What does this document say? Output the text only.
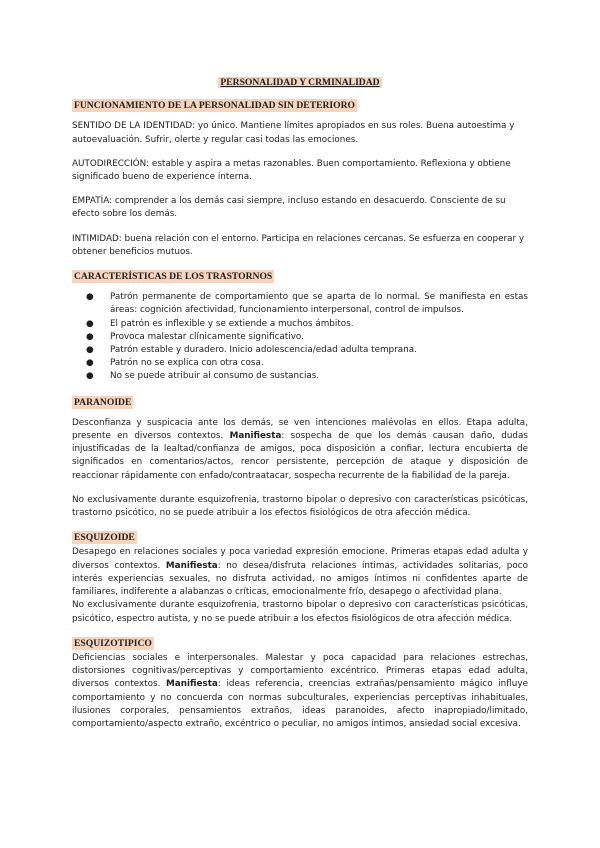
PERSONALIDAD Y CRMINALIDAD
FUNCIONAMIENTO DE LA PERSONALIDAD SIN DETERIORO

SENTIDO DE LA IDENTIDAD: yo único. Mantiene límites apropiados en sus roles. Buena autoestima y autoevaluación. Sufrir, olerte y regular casi todas las emociones.

AUTODIRECCIÓN: estable y aspira a metas razonables. Buen comportamiento. Reflexiona y obtiene significado bueno de experience interna.

EMPATÍA: comprender a los demás casi siempre, incluso estando en desacuerdo. Consciente de su efecto sobre los demás.

INTIMIDAD: buena relación con el entorno. Participa en relaciones cercanas. Se esfuerza en cooperar y obtener beneficios mutuos.

CARACTERÍSTICAS DE LOS TRASTORNOS
● Patrón permanente de comportamiento que se aparta de lo normal. Se manifiesta en estas áreas: cognición afectividad, funcionamiento interpersonal, control de impulsos.
● El patrón es inflexible y se extiende a muchos ámbitos.
● Provoca malestar clínicamente significativo.
● Patrón estable y duradero. Inicio adolescencia/edad adulta temprana.
● Patrón no se explica con otra cosa.
● No se puede atribuir al consumo de sustancias.
PARANOIDE

Desconfianza y suspicacia ante los demás, se ven intenciones malévolas en ellos. Etapa adulta, presente en diversos contextos. Manifiesta: sospecha de que los demás causan daño, dudas injustificadas de la lealtad/confianza de amigos, poca disposición a confiar, lectura encubierta de significados en comentarios/actos, rencor persistente, percepción de ataque y disposición de reaccionar rápidamente con enfado/contraatacar, sospecha recurrente de la fiabilidad de la pareja.

No exclusivamente durante esquizofrenia, trastorno bipolar o depresivo con características psicóticas, trastorno psicótico, no se puede atribuir a los efectos fisiológicos de otra afección médica.

ESQUIZOIDE

Desapego en relaciones sociales y poca variedad expresión emocione. Primeras etapas edad adulta y diversos contextos. Manifiesta: no desea/disfruta relaciones íntimas, actividades solitarias, poco interés experiencias sexuales, no disfruta actividad, no amigos íntimos ni confidentes aparte de familiares, indiferente a alabanzas o críticas, emocionalmente frío, desapego o afectividad plana.

No exclusivamente durante esquizofrenia, trastorno bipolar o depresivo con características psicóticas, psicótico, espectro autista, y no se puede atribuir a los efectos fisiológicos de otra afección médica.

ESQUIZOTIPICO

Deficiencias sociales e interpersonales. Malestar y poca capacidad para relaciones estrechas, distorsiones cognitivas/perceptivas y comportamiento excéntrico. Primeras etapas edad adulta, diversos contextos. Manifiesta: ideas referencia, creencias extrañas/pensamiento mágico influye comportamiento y no concuerda con normas subculturales, experiencias perceptivas inhabituales, ilusiones corporales, pensamientos extraños, ideas paranoides, afecto inapropiado/limitado, comportamiento/aspecto extraño, excéntrico o peculiar, no amigos íntimos, ansiedad social excesiva.
